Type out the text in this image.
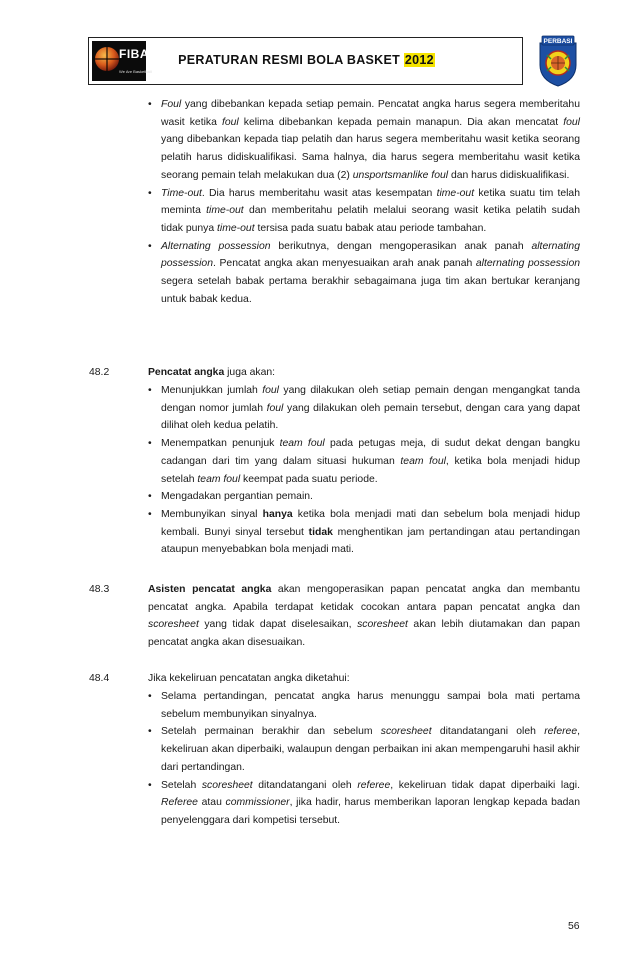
FIBA
We Are Basketball
PERATURAN RESMI BOLA BASKET 2012
PERBASI
• Foul yang dibebankan kepada setiap pemain. Pencatat angka harus segera memberitahu wasit ketika foul kelima dibebankan kepada pemain manapun. Dia akan mencatat foul yang dibebankan kepada tiap pelatih dan harus segera memberitahu wasit ketika seorang pelatih harus didiskualifikasi. Sama halnya, dia harus segera memberitahu wasit ketika seorang pemain telah melakukan dua (2) unsportsmanlike foul dan harus didiskualifikasi.
• Time-out. Dia harus memberitahu wasit atas kesempatan time-out ketika suatu tim telah meminta time-out dan memberitahu pelatih melalui seorang wasit ketika pelatih sudah tidak punya time-out tersisa pada suatu babak atau periode tambahan.
• Alternating possession berikutnya, dengan mengoperasikan anak panah alternating possession. Pencatat angka akan menyesuaikan arah anak panah alternating possession segera setelah babak pertama berakhir sebagaimana juga tim akan bertukar keranjang untuk babak kedua.
48.2	Pencatat angka juga akan:
• Menunjukkan jumlah foul yang dilakukan oleh setiap pemain dengan mengangkat tanda dengan nomor jumlah foul yang dilakukan oleh pemain tersebut, dengan cara yang dapat dilihat oleh kedua pelatih.
• Menempatkan penunjuk team foul pada petugas meja, di sudut dekat dengan bangku cadangan dari tim yang dalam situasi hukuman team foul, ketika bola menjadi hidup setelah team foul keempat pada suatu periode.
• Mengadakan pergantian pemain.
• Membunyikan sinyal hanya ketika bola menjadi mati dan sebelum bola menjadi hidup kembali. Bunyi sinyal tersebut tidak menghentikan jam pertandingan atau pertandingan ataupun menyebabkan bola menjadi mati.
48.3	Asisten pencatat angka akan mengoperasikan papan pencatat angka dan membantu pencatat angka. Apabila terdapat ketidak cocokan antara papan pencatat angka dan scoresheet yang tidak dapat diselesaikan, scoresheet akan lebih diutamakan dan papan pencatat angka akan disesuaikan.
48.4	Jika kekeliruan pencatatan angka diketahui:
• Selama pertandingan, pencatat angka harus menunggu sampai bola mati pertama sebelum membunyikan sinyalnya.
• Setelah permainan berakhir dan sebelum scoresheet ditandatangani oleh referee, kekeliruan akan diperbaiki, walaupun dengan perbaikan ini akan mempengaruhi hasil akhir dari pertandingan.
• Setelah scoresheet ditandatangani oleh referee, kekeliruan tidak dapat diperbaiki lagi. Referee atau commissioner, jika hadir, harus memberikan laporan lengkap kepada badan penyelenggara dari kompetisi tersebut.
56
